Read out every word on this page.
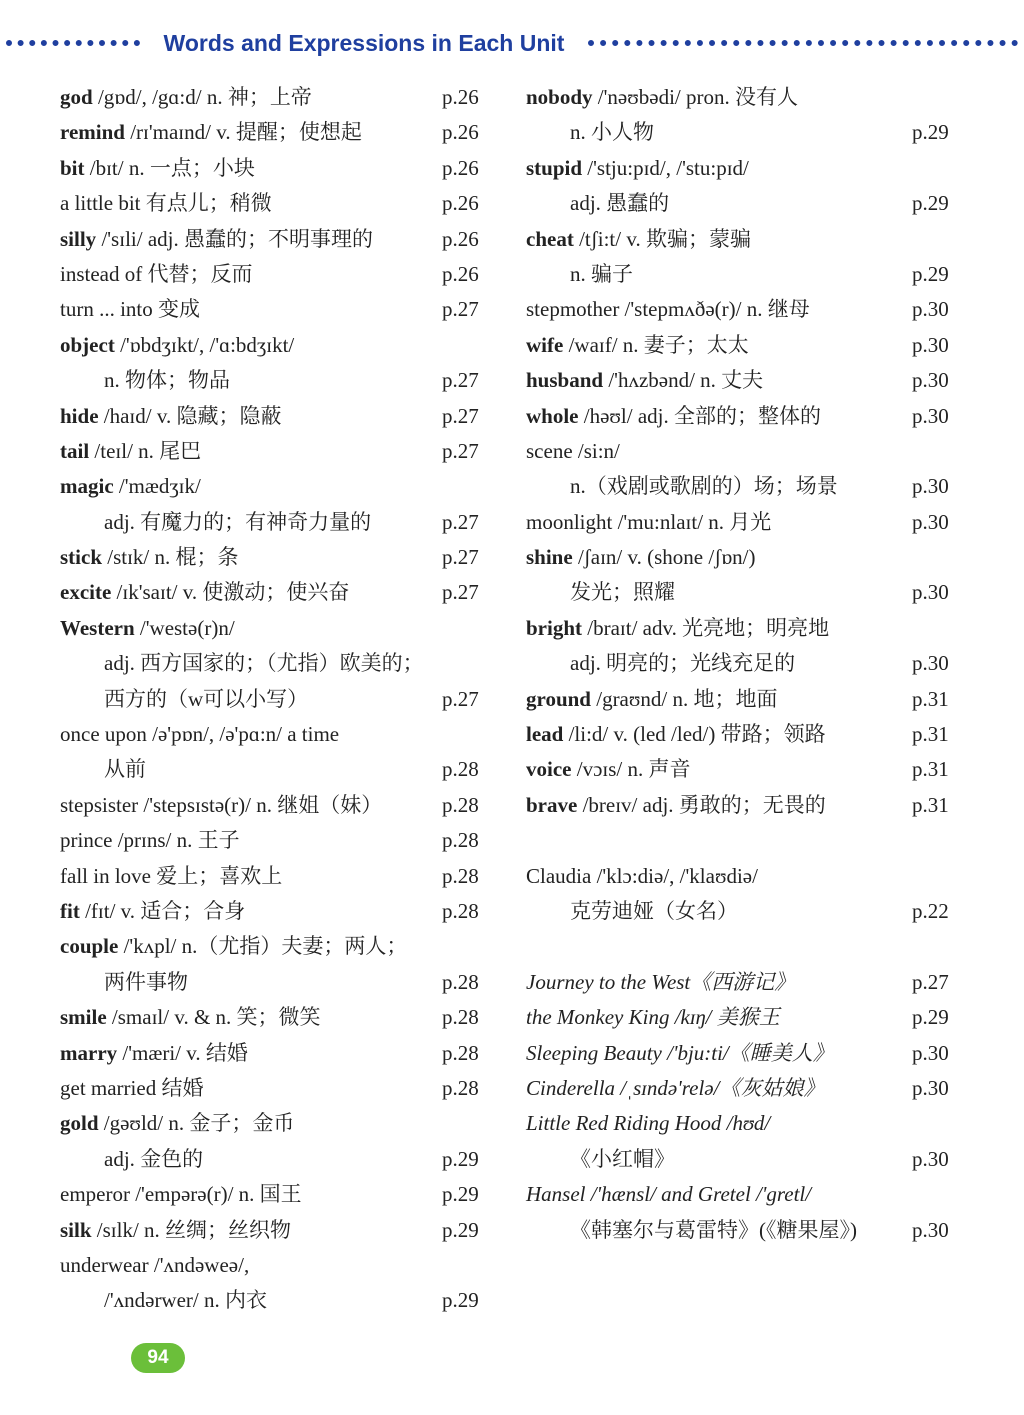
Words and Expressions in Each Unit
god /gɒd/, /gɑ:d/ n. 神；上帝	p.26
remind /rɪ'maɪnd/ v. 提醒；使想起	p.26
bit /bɪt/ n. 一点；小块	p.26
a little bit 有点儿；稍微	p.26
silly /'sɪli/ adj. 愚蠢的；不明事理的	p.26
instead of 代替；反而	p.26
turn ... into 变成	p.27
object /'ɒbdʒɪkt/, /'ɑ:bdʒɪkt/
n. 物体；物品	p.27
hide /haɪd/ v. 隐藏；隐蔽	p.27
tail /teɪl/ n. 尾巴	p.27
magic /'mædʒɪk/
adj. 有魔力的；有神奇力量的	p.27
stick /stɪk/ n. 棍；条	p.27
excite /ɪk'saɪt/ v. 使激动；使兴奋	p.27
Western /'westə(r)n/
adj. 西方国家的；（尤指）欧美的；
西方的（w可以小写）	p.27
once upon /ə'pɒn/, /ə'pɑ:n/ a time
从前	p.28
stepsister /'stepsɪstə(r)/ n. 继姐（妹）	p.28
prince /prɪns/ n. 王子	p.28
fall in love 爱上；喜欢上	p.28
fit /fɪt/ v. 适合；合身	p.28
couple /'kʌpl/ n.（尤指）夫妻；两人；
两件事物	p.28
smile /smaɪl/ v. & n. 笑；微笑	p.28
marry /'mæri/ v. 结婚	p.28
get married 结婚	p.28
gold /gəʊld/ n. 金子；金币
adj. 金色的	p.29
emperor /'empərə(r)/ n. 国王	p.29
silk /sɪlk/ n. 丝绸；丝织物	p.29
underwear /'ʌndəweə/,
/'ʌndərwer/ n. 内衣	p.29
nobody /'nəʊbədi/ pron. 没有人
n. 小人物	p.29
stupid /'stju:pɪd/, /'stu:pɪd/
adj. 愚蠢的	p.29
cheat /tʃi:t/ v. 欺骗；蒙骗
n. 骗子	p.29
stepmother /'stepmʌðə(r)/ n. 继母	p.30
wife /waɪf/ n. 妻子；太太	p.30
husband /'hʌzbənd/ n. 丈夫	p.30
whole /həʊl/ adj. 全部的；整体的	p.30
scene /si:n/
n.（戏剧或歌剧的）场；场景	p.30
moonlight /'mu:nlaɪt/ n. 月光	p.30
shine /ʃaɪn/ v. (shone /ʃɒn/)
发光；照耀	p.30
bright /braɪt/ adv. 光亮地；明亮地
adj. 明亮的；光线充足的	p.30
ground /graʊnd/ n. 地；地面	p.31
lead /li:d/ v. (led /led/) 带路；领路	p.31
voice /vɔɪs/ n. 声音	p.31
brave /breɪv/ adj. 勇敢的；无畏的	p.31
Claudia /'klɔ:diə/, /'klaʊdiə/
克劳迪娅（女名）	p.22
Journey to the West《西游记》	p.27
the Monkey King /kɪŋ/ 美猴王	p.29
Sleeping Beauty /'bju:ti/《睡美人》	p.30
Cinderella /ˌsɪndə'relə/《灰姑娘》	p.30
Little Red Riding Hood /hʊd/
《小红帽》	p.30
Hansel /'hænsl/ and Gretel /'gretl/
《韩塞尔与葛雷特》(《糖果屋》)	p.30
94
